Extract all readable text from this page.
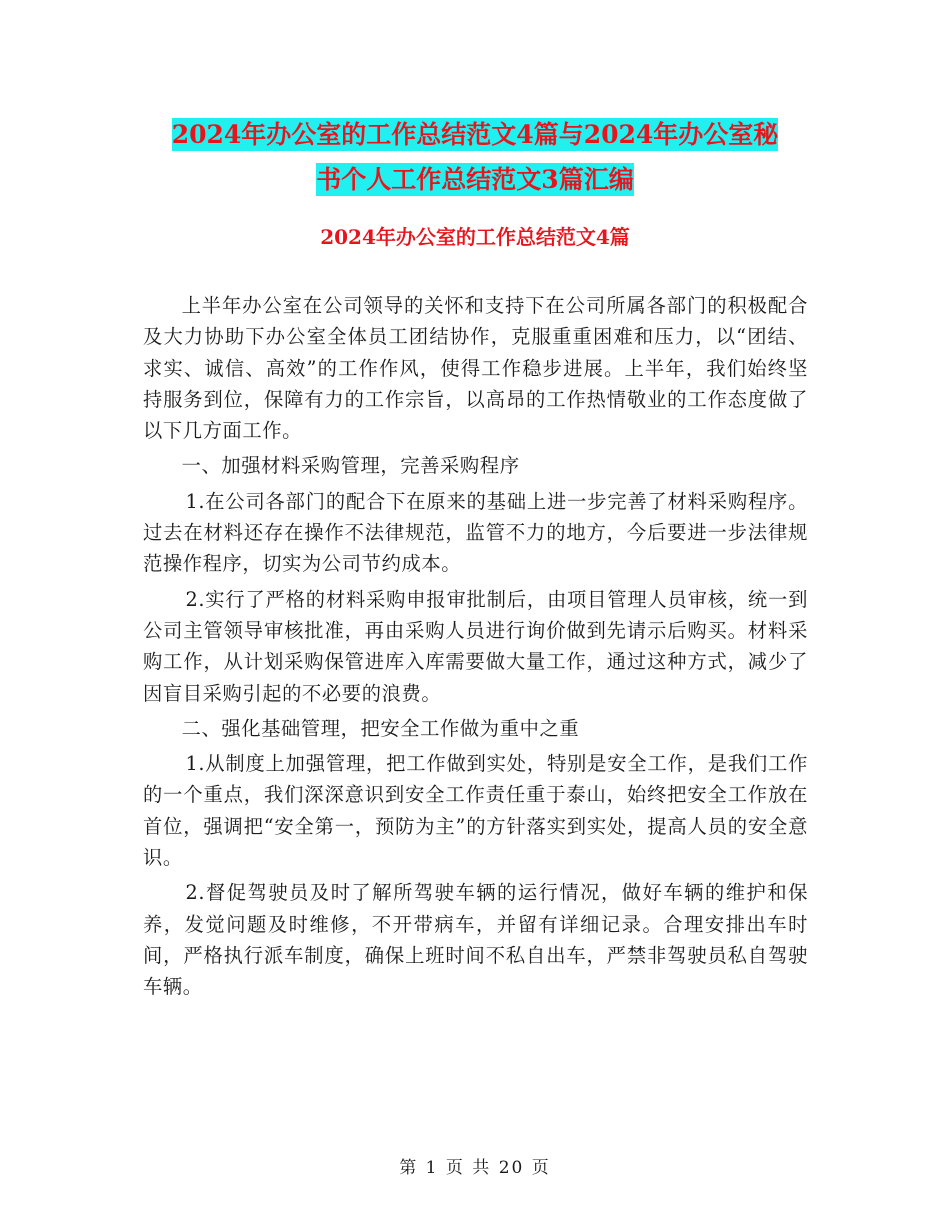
2024年办公室的工作总结范文4篇与2024年办公室秘
书个人工作总结范文3篇汇编
2024年办公室的工作总结范文4篇

上半年办公室在公司领导的关怀和支持下在公司所属各部门的积极配合及大力协助下办公室全体员工团结协作，克服重重困难和压力，以“团结、求实、诚信、高效”的工作作风，使得工作稳步进展。上半年，我们始终坚持服务到位，保障有力的工作宗旨，以高昂的工作热情敬业的工作态度做了以下几方面工作。

一、加强材料采购管理，完善采购程序

1.在公司各部门的配合下在原来的基础上进一步完善了材料采购程序。过去在材料还存在操作不法律规范，监管不力的地方，今后要进一步法律规范操作程序，切实为公司节约成本。

2.实行了严格的材料采购申报审批制后，由项目管理人员审核，统一到公司主管领导审核批准，再由采购人员进行询价做到先请示后购买。材料采购工作，从计划采购保管进库入库需要做大量工作，通过这种方式，减少了因盲目采购引起的不必要的浪费。

二、强化基础管理，把安全工作做为重中之重

1.从制度上加强管理，把工作做到实处，特别是安全工作，是我们工作的一个重点，我们深深意识到安全工作责任重于泰山，始终把安全工作放在首位，强调把“安全第一，预防为主”的方针落实到实处，提高人员的安全意识。

2.督促驾驶员及时了解所驾驶车辆的运行情况，做好车辆的维护和保养，发觉问题及时维修，不开带病车，并留有详细记录。合理安排出车时间，严格执行派车制度，确保上班时间不私自出车，严禁非驾驶员私自驾驶车辆。

第 1 页 共 20 页
